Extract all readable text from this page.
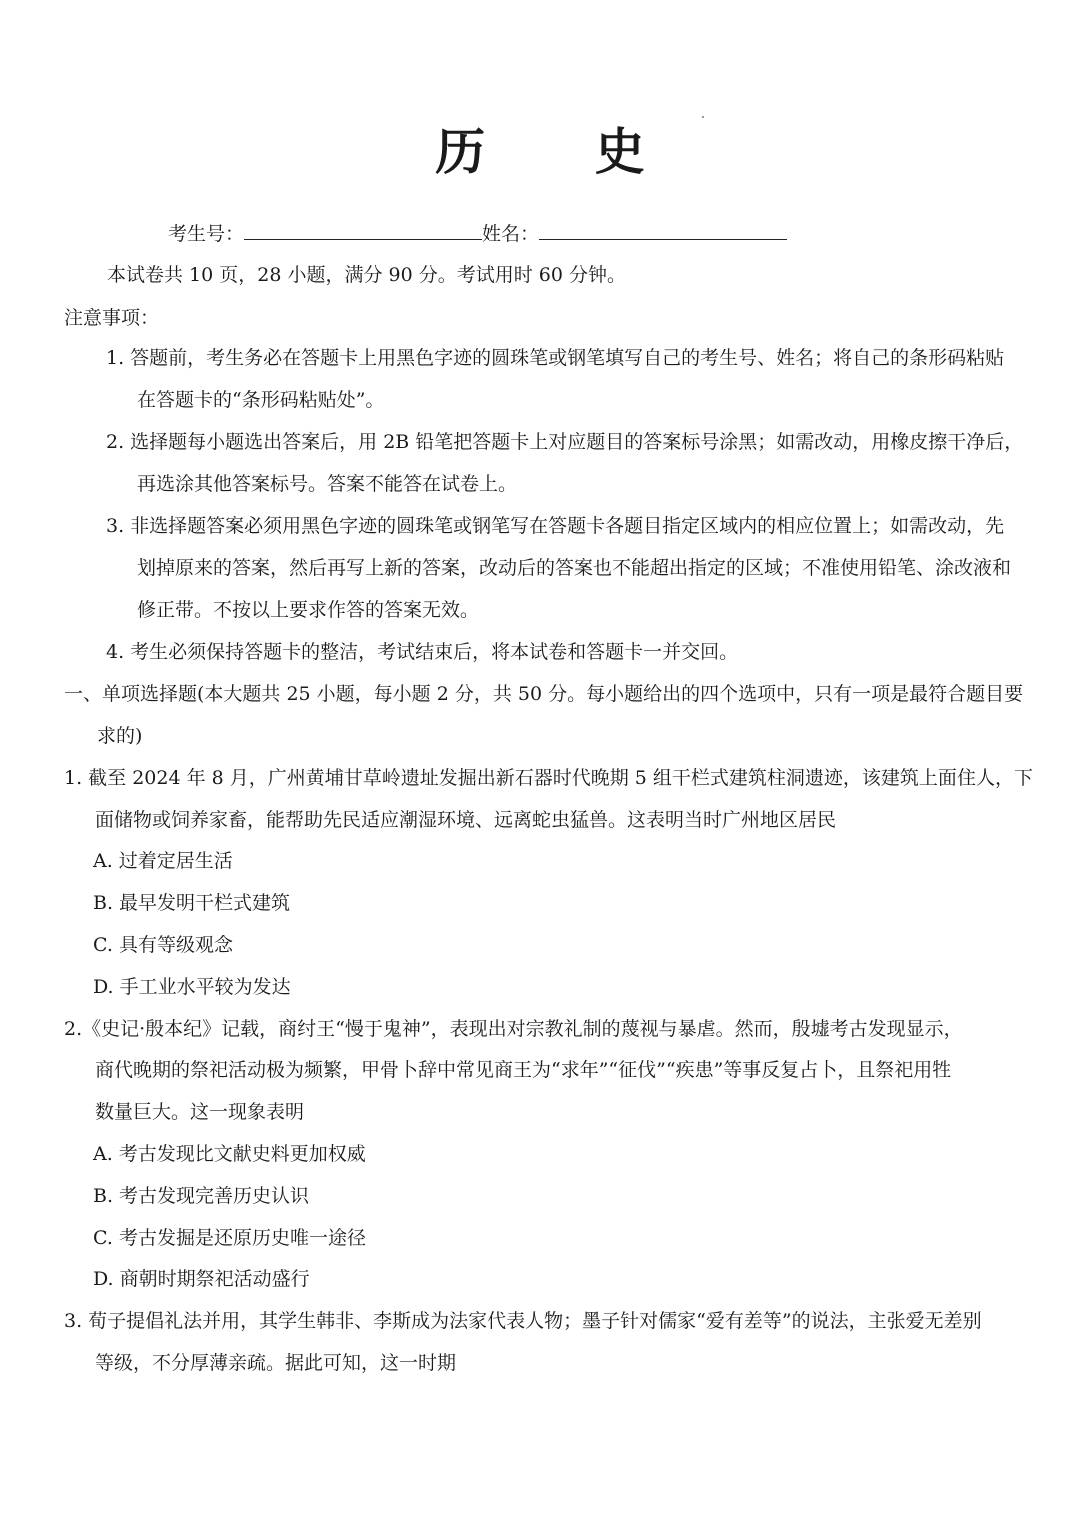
历 史
考生号：	姓名：
本试卷共 10 页，28 小题，满分 90 分。考试用时 60 分钟。
注意事项：
1. 答题前，考生务必在答题卡上用黑色字迹的圆珠笔或钢笔填写自己的考生号、姓名；将自己的条形码粘贴
在答题卡的“条形码粘贴处”。
2. 选择题每小题选出答案后，用 2B 铅笔把答题卡上对应题目的答案标号涂黑；如需改动，用橡皮擦干净后，
再选涂其他答案标号。答案不能答在试卷上。
3. 非选择题答案必须用黑色字迹的圆珠笔或钢笔写在答题卡各题目指定区域内的相应位置上；如需改动，先
划掉原来的答案，然后再写上新的答案，改动后的答案也不能超出指定的区域；不准使用铅笔、涂改液和
修正带。不按以上要求作答的答案无效。
4. 考生必须保持答题卡的整洁，考试结束后，将本试卷和答题卡一并交回。
一、单项选择题(本大题共 25 小题，每小题 2 分，共 50 分。每小题给出的四个选项中，只有一项是最符合题目要
求的)
1. 截至 2024 年 8 月，广州黄埔甘草岭遗址发掘出新石器时代晚期 5 组干栏式建筑柱洞遗迹，该建筑上面住人，下
面储物或饲养家畜，能帮助先民适应潮湿环境、远离蛇虫猛兽。这表明当时广州地区居民
A. 过着定居生活
B. 最早发明干栏式建筑
C. 具有等级观念
D. 手工业水平较为发达
2.《史记·殷本纪》记载，商纣王“慢于鬼神”，表现出对宗教礼制的蔑视与暴虐。然而，殷墟考古发现显示，
商代晚期的祭祀活动极为频繁，甲骨卜辞中常见商王为“求年”“征伐”“疾患”等事反复占卜，且祭祀用牲
数量巨大。这一现象表明
A. 考古发现比文献史料更加权威
B. 考古发现完善历史认识
C. 考古发掘是还原历史唯一途径
D. 商朝时期祭祀活动盛行
3. 荀子提倡礼法并用，其学生韩非、李斯成为法家代表人物；墨子针对儒家“爱有差等”的说法，主张爱无差别
等级，不分厚薄亲疏。据此可知，这一时期
